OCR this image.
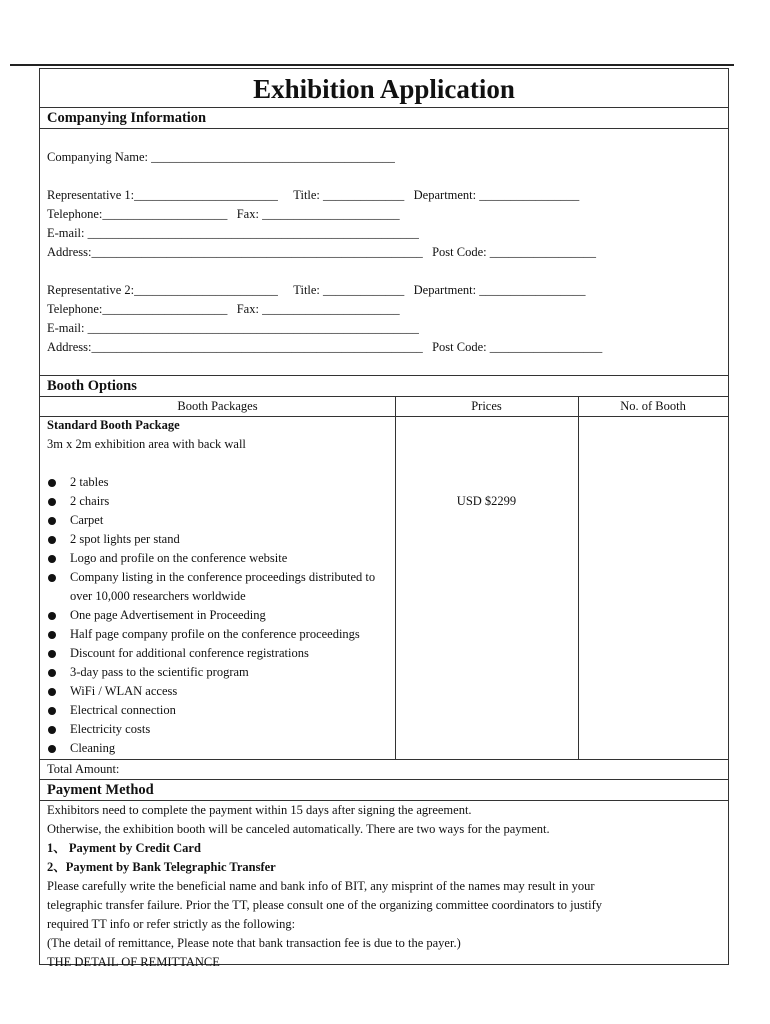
Exhibition Application
Companying Information
Companying Name: _______________________________________
Representative 1:_______________________     Title: _____________   Department: ________________
Telephone:____________________   Fax: ______________________
E-mail: _____________________________________________________
Address:_____________________________________________________   Post Code: _________________
Representative 2:_______________________     Title: _____________   Department: _________________
Telephone:____________________   Fax: ______________________
E-mail: _____________________________________________________
Address:_____________________________________________________   Post Code: __________________
Booth Options
Booth Packages	Prices	No. of Booth
Standard Booth Package
3m x 2m exhibition area with back wall
2 tables
2 chairs
Carpet
2 spot lights per stand
Logo and profile on the conference website
Company listing in the conference proceedings distributed to over 10,000 researchers worldwide
One page Advertisement in Proceeding
Half page company profile on the conference proceedings
Discount for additional conference registrations
3-day pass to the scientific program
WiFi / WLAN access
Electrical connection
Electricity costs
Cleaning
USD $2299
Total Amount:
Payment Method
Exhibitors need to complete the payment within 15 days after signing the agreement.
Otherwise, the exhibition booth will be canceled automatically. There are two ways for the payment.
1、 Payment by Credit Card
2、Payment by Bank Telegraphic Transfer
Please carefully write the beneficial name and bank info of BIT, any misprint of the names may result in your
telegraphic transfer failure. Prior the TT, please consult one of the organizing committee coordinators to justify
required TT info or refer strictly as the following:
(The detail of remittance, Please note that bank transaction fee is due to the payer.)
THE DETAIL OF REMITTANCE
